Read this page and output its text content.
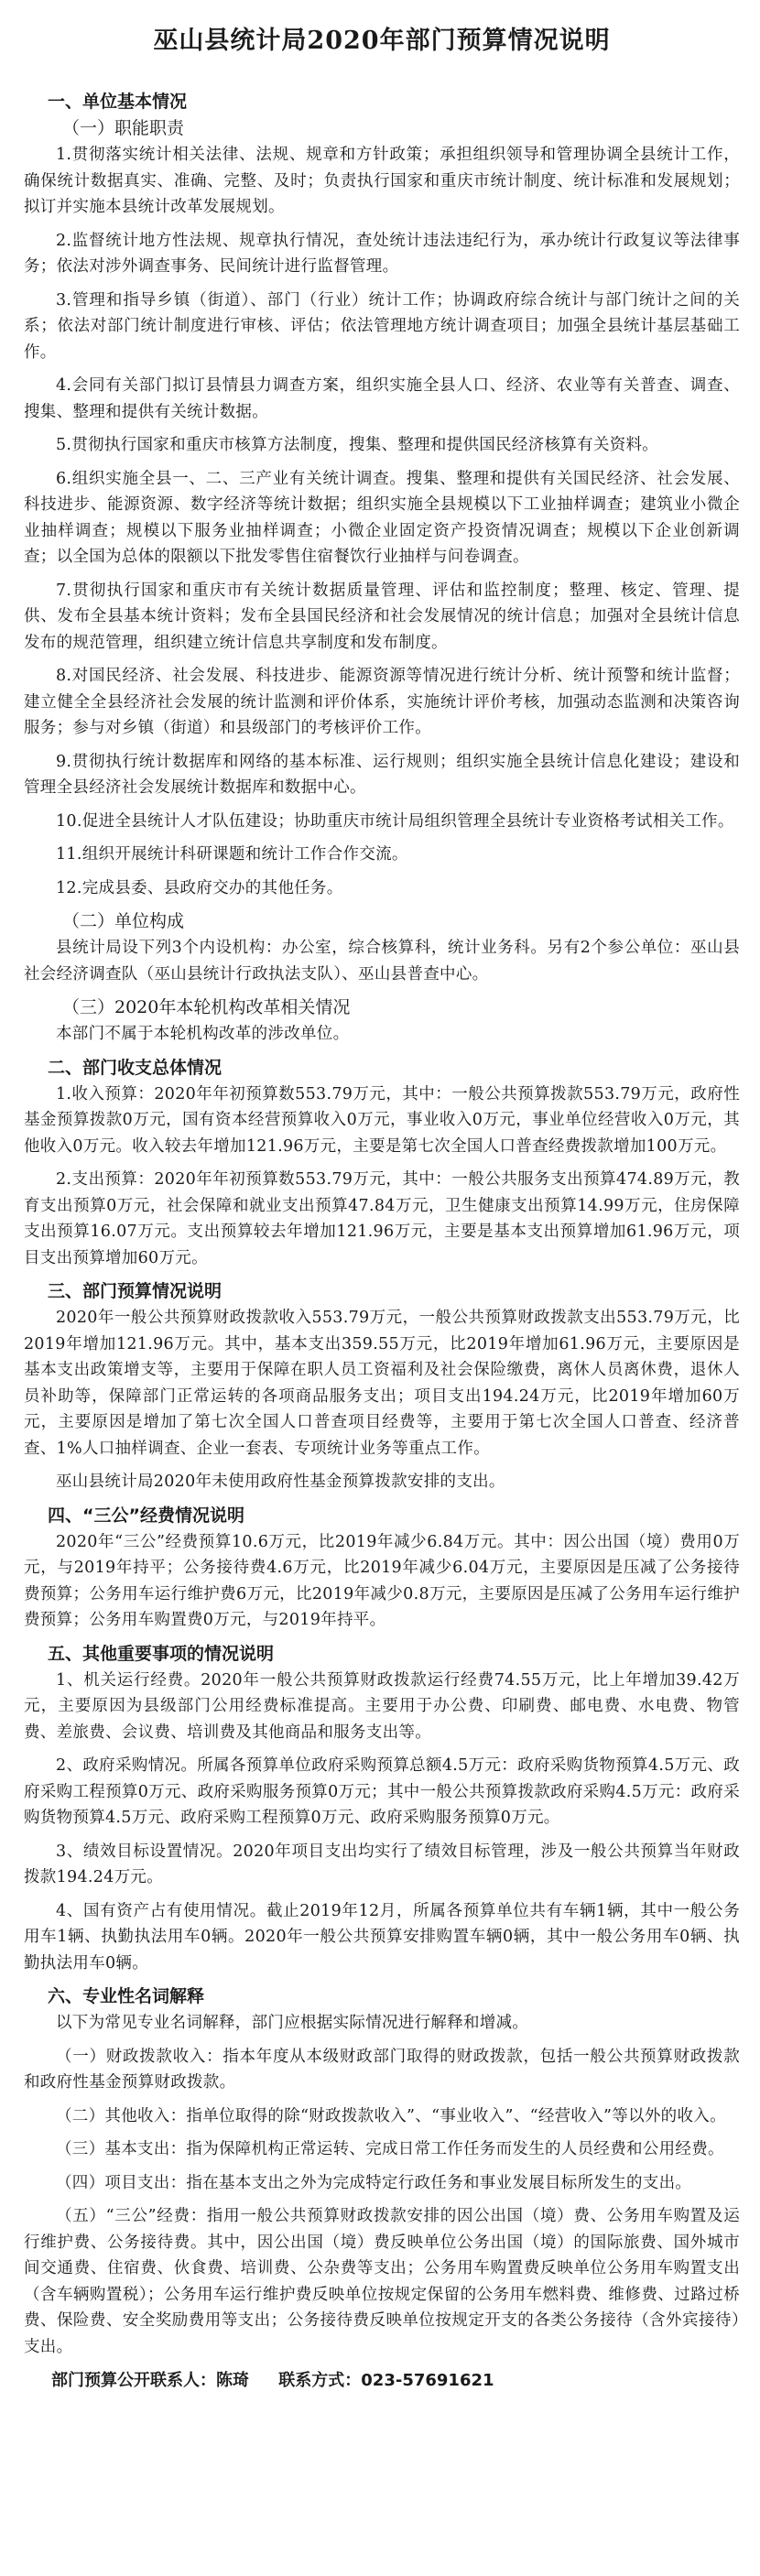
巫山县统计局2020年部门预算情况说明
一、单位基本情况
（一）职能职责

1.贯彻落实统计相关法律、法规、规章和方针政策；承担组织领导和管理协调全县统计工作，确保统计数据真实、准确、完整、及时；负责执行国家和重庆市统计制度、统计标准和发展规划；拟订并实施本县统计改革发展规划。

2.监督统计地方性法规、规章执行情况，查处统计违法违纪行为，承办统计行政复议等法律事务；依法对涉外调查事务、民间统计进行监督管理。

3.管理和指导乡镇（街道）、部门（行业）统计工作；协调政府综合统计与部门统计之间的关系；依法对部门统计制度进行审核、评估；依法管理地方统计调查项目；加强全县统计基层基础工作。

4.会同有关部门拟订县情县力调查方案，组织实施全县人口、经济、农业等有关普查、调查、搜集、整理和提供有关统计数据。

5.贯彻执行国家和重庆市核算方法制度，搜集、整理和提供国民经济核算有关资料。

6.组织实施全县一、二、三产业有关统计调查。搜集、整理和提供有关国民经济、社会发展、科技进步、能源资源、数字经济等统计数据；组织实施全县规模以下工业抽样调查；建筑业小微企业抽样调查；规模以下服务业抽样调查；小微企业固定资产投资情况调查；规模以下企业创新调查；以全国为总体的限额以下批发零售住宿餐饮行业抽样与问卷调查。

7.贯彻执行国家和重庆市有关统计数据质量管理、评估和监控制度；整理、核定、管理、提供、发布全县基本统计资料；发布全县国民经济和社会发展情况的统计信息；加强对全县统计信息发布的规范管理，组织建立统计信息共享制度和发布制度。

8.对国民经济、社会发展、科技进步、能源资源等情况进行统计分析、统计预警和统计监督；建立健全全县经济社会发展的统计监测和评价体系，实施统计评价考核，加强动态监测和决策咨询服务；参与对乡镇（街道）和县级部门的考核评价工作。

9.贯彻执行统计数据库和网络的基本标准、运行规则；组织实施全县统计信息化建设；建设和管理全县经济社会发展统计数据库和数据中心。

10.促进全县统计人才队伍建设；协助重庆市统计局组织管理全县统计专业资格考试相关工作。

11.组织开展统计科研课题和统计工作合作交流。

12.完成县委、县政府交办的其他任务。

（二）单位构成

县统计局设下列3个内设机构：办公室，综合核算科，统计业务科。另有2个参公单位：巫山县社会经济调查队（巫山县统计行政执法支队）、巫山县普查中心。

（三）2020年本轮机构改革相关情况

本部门不属于本轮机构改革的涉改单位。

二、部门收支总体情况

1.收入预算：2020年年初预算数553.79万元，其中：一般公共预算拨款553.79万元，政府性基金预算拨款0万元，国有资本经营预算收入0万元，事业收入0万元，事业单位经营收入0万元，其他收入0万元。收入较去年增加121.96万元，主要是第七次全国人口普查经费拨款增加100万元。

2.支出预算：2020年年初预算数553.79万元，其中：一般公共服务支出预算474.89万元，教育支出预算0万元，社会保障和就业支出预算47.84万元，卫生健康支出预算14.99万元，住房保障支出预算16.07万元。支出预算较去年增加121.96万元，主要是基本支出预算增加61.96万元，项目支出预算增加60万元。

三、部门预算情况说明

2020年一般公共预算财政拨款收入553.79万元，一般公共预算财政拨款支出553.79万元，比2019年增加121.96万元。其中，基本支出359.55万元，比2019年增加61.96万元，主要原因是基本支出政策增支等，主要用于保障在职人员工资福利及社会保险缴费，离休人员离休费，退休人员补助等，保障部门正常运转的各项商品服务支出；项目支出194.24万元，比2019年增加60万元，主要原因是增加了第七次全国人口普查项目经费等，主要用于第七次全国人口普查、经济普查、1%人口抽样调查、企业一套表、专项统计业务等重点工作。

巫山县统计局2020年未使用政府性基金预算拨款安排的支出。

四、“三公”经费情况说明

2020年“三公”经费预算10.6万元，比2019年减少6.84万元。其中：因公出国（境）费用0万元，与2019年持平；公务接待费4.6万元，比2019年减少6.04万元，主要原因是压减了公务接待费预算；公务用车运行维护费6万元，比2019年减少0.8万元，主要原因是压减了公务用车运行维护费预算；公务用车购置费0万元，与2019年持平。

五、其他重要事项的情况说明

1、机关运行经费。2020年一般公共预算财政拨款运行经费74.55万元，比上年增加39.42万元，主要原因为县级部门公用经费标准提高。主要用于办公费、印刷费、邮电费、水电费、物管费、差旅费、会议费、培训费及其他商品和服务支出等。

2、政府采购情况。所属各预算单位政府采购预算总额4.5万元：政府采购货物预算4.5万元、政府采购工程预算0万元、政府采购服务预算0万元；其中一般公共预算拨款政府采购4.5万元：政府采购货物预算4.5万元、政府采购工程预算0万元、政府采购服务预算0万元。

3、绩效目标设置情况。2020年项目支出均实行了绩效目标管理，涉及一般公共预算当年财政拨款194.24万元。

4、国有资产占有使用情况。截止2019年12月，所属各预算单位共有车辆1辆，其中一般公务用车1辆、执勤执法用车0辆。2020年一般公共预算安排购置车辆0辆，其中一般公务用车0辆、执勤执法用车0辆。

六、专业性名词解释

以下为常见专业名词解释，部门应根据实际情况进行解释和增减。

（一）财政拨款收入：指本年度从本级财政部门取得的财政拨款，包括一般公共预算财政拨款和政府性基金预算财政拨款。

（二）其他收入：指单位取得的除“财政拨款收入”、“事业收入”、“经营收入”等以外的收入。

（三）基本支出：指为保障机构正常运转、完成日常工作任务而发生的人员经费和公用经费。

（四）项目支出：指在基本支出之外为完成特定行政任务和事业发展目标所发生的支出。

（五）“三公”经费：指用一般公共预算财政拨款安排的因公出国（境）费、公务用车购置及运行维护费、公务接待费。其中，因公出国（境）费反映单位公务出国（境）的国际旅费、国外城市间交通费、住宿费、伙食费、培训费、公杂费等支出；公务用车购置费反映单位公务用车购置支出（含车辆购置税）；公务用车运行维护费反映单位按规定保留的公务用车燃料费、维修费、过路过桥费、保险费、安全奖励费用等支出；公务接待费反映单位按规定开支的各类公务接待（含外宾接待）支出。

部门预算公开联系人：陈琦 联系方式：023-57691621
